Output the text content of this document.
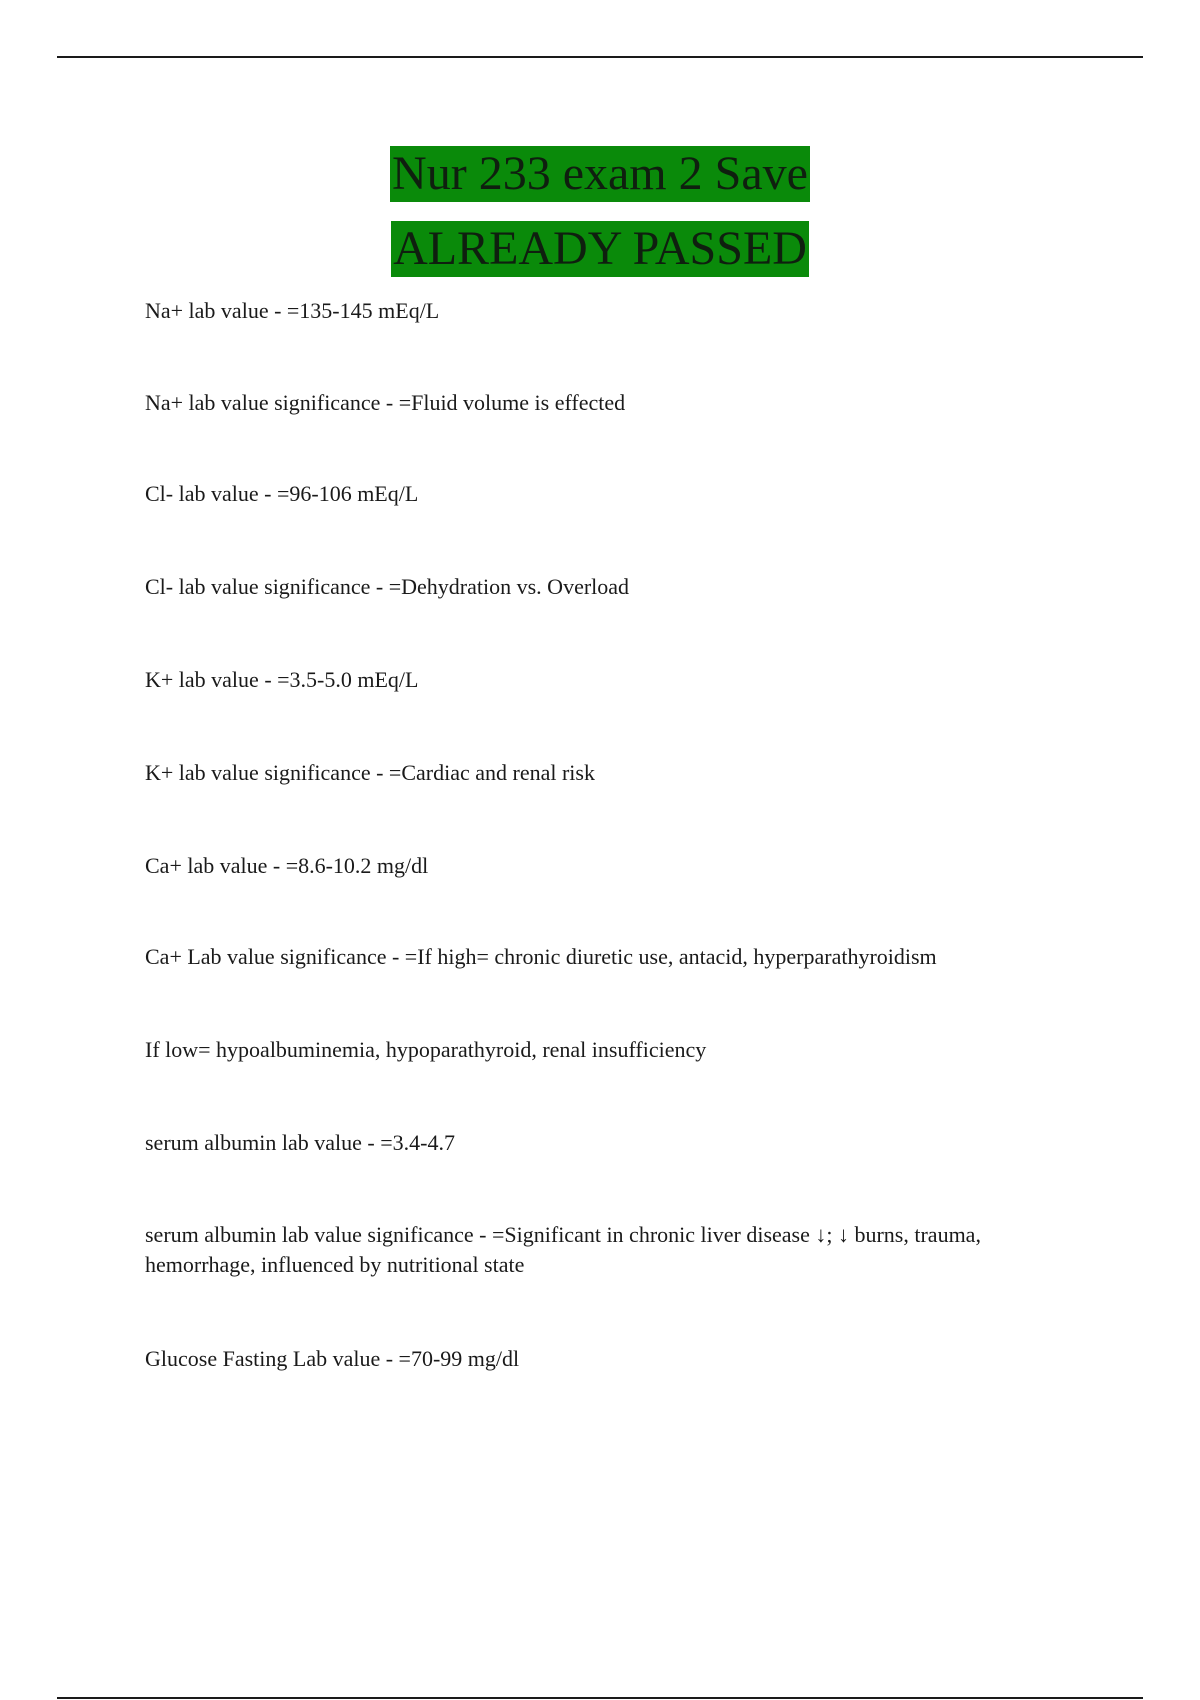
Nur 233 exam 2 Save
ALREADY PASSED

Na+ lab value - =135-145 mEq/L

Na+ lab value significance - =Fluid volume is effected

Cl- lab value - =96-106 mEq/L

Cl- lab value significance - =Dehydration vs. Overload

K+ lab value - =3.5-5.0 mEq/L

K+ lab value significance - =Cardiac and renal risk

Ca+ lab value - =8.6-10.2 mg/dl

Ca+ Lab value significance - =If high= chronic diuretic use, antacid, hyperparathyroidism

If low= hypoalbuminemia, hypoparathyroid, renal insufficiency

serum albumin lab value - =3.4-4.7

serum albumin lab value significance - =Significant in chronic liver disease ↓; ↓ burns, trauma, hemorrhage, influenced by nutritional state

Glucose Fasting Lab value - =70-99 mg/dl
